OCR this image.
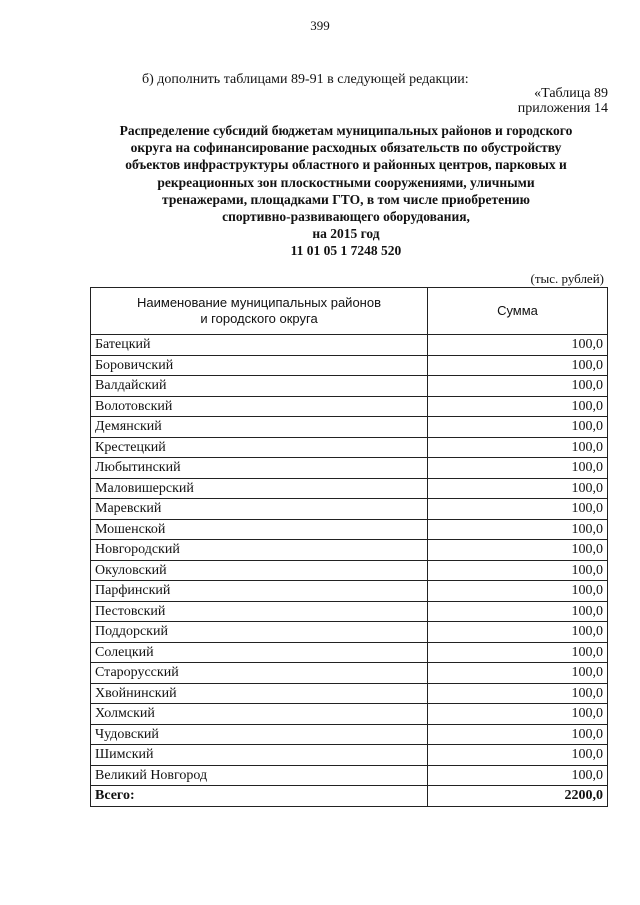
399
б) дополнить таблицами 89-91 в следующей редакции:
«Таблица 89
приложения 14
Распределение субсидий бюджетам муниципальных районов и городского
округа на софинансирование расходных обязательств по обустройству
объектов инфраструктуры областного и районных центров, парковых и
рекреационных зон плоскостными сооружениями, уличными
тренажерами, площадками ГТО, в том числе приобретению
спортивно-развивающего оборудования,
на 2015 год
11 01 05 1 7248 520
(тыс. рублей)
Наименование муниципальных районов
и городского округа	Сумма
Батецкий	100,0
Боровичский	100,0
Валдайский	100,0
Волотовский	100,0
Демянский	100,0
Крестецкий	100,0
Любытинский	100,0
Маловишерский	100,0
Маревский	100,0
Мошенской	100,0
Новгородский	100,0
Окуловский	100,0
Парфинский	100,0
Пестовский	100,0
Поддорский	100,0
Солецкий	100,0
Старорусский	100,0
Хвойнинский	100,0
Холмский	100,0
Чудовский	100,0
Шимский	100,0
Великий Новгород	100,0
Всего:	2200,0
